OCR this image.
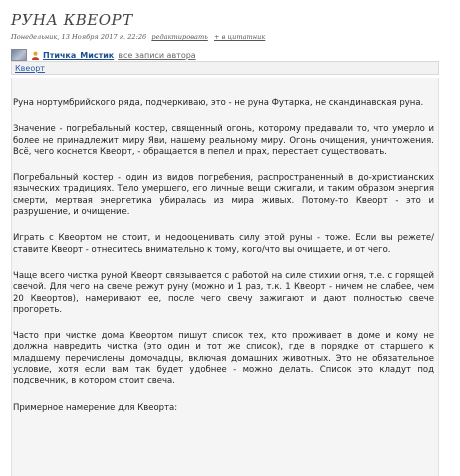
РУНА КВЕОРТ
Понедельник, 13 Ноября 2017 г. 22:26 редактировать + в цитатник
Птичка_Мистик все записи автора
Квеорт

Руна нортумбрийского ряда, подчеркиваю, это - не руна Футарка, не скандинавская руна.

Значение - погребальный костер, священный огонь, которому предавали то, что умерло и более не принадлежит миру Яви, нашему реальному миру. Огонь очищения, уничтожения. Всё, чего коснется Квеорт, - обращается в пепел и прах, перестает существовать.

Погребальный костер - один из видов погребения, распространенный в до-христианских языческих традициях. Тело умершего, его личные вещи сжигали, и таким образом энергия смерти, мертвая энергетика убиралась из мира живых. Потому-то Квеорт - это и разрушение, и очищение.

Играть с Квеортом не стоит, и недооценивать силу этой руны - тоже. Если вы режете/ставите Квеорт - отнеситесь внимательно к тому, кого/что вы очищаете, и от чего.

Чаще всего чистка руной Квеорт связывается с работой на силе стихии огня, т.е. с горящей свечой. Для чего на свече режут руну (можно и 1 раз, т.к. 1 Квеорт - ничем не слабее, чем 20 Квеортов), намеривают ее, после чего свечу зажигают и дают полностью свече прогореть.

Часто при чистке дома Квеортом пишут список тех, кто проживает в доме и кому не должна навредить чистка (это один и тот же список), где в порядке от старшего к младшему перечислены домочадцы, включая домашних животных. Это не обязательное условие, хотя если вам так будет удобнее - можно делать. Список это кладут под подсвечник, в котором стоит свеча.

Примерное намерение для Квеорта:
